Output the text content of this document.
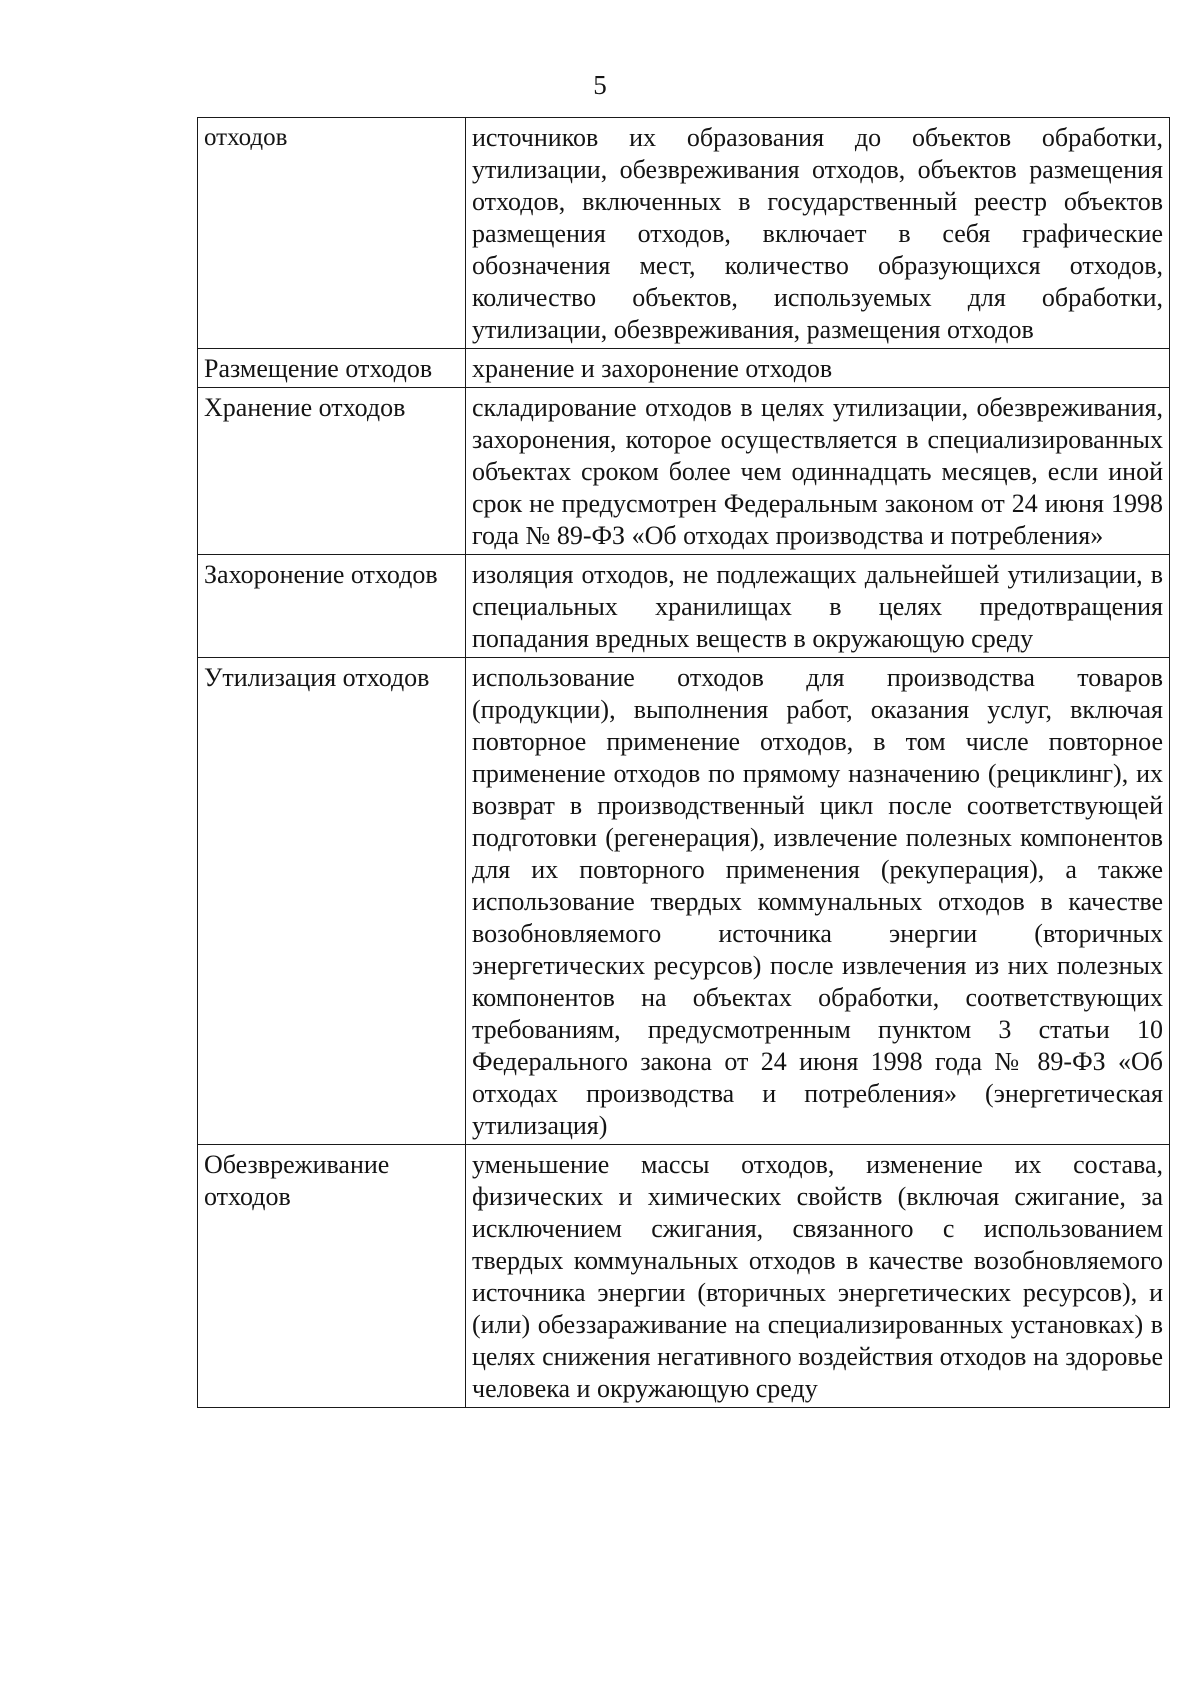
5
отходов	источников их образования до объектов обработки, утилизации, обезвреживания отходов, объектов размещения отходов, включенных в государственный реестр объектов размещения отходов, включает в себя графические обозначения мест, количество образующихся отходов, количество объектов, используемых для обработки, утилизации, обезвреживания, размещения отходов
Размещение отходов	хранение и захоронение отходов
Хранение отходов	складирование отходов в целях утилизации, обезвреживания, захоронения, которое осуществляется в специализированных объектах сроком более чем одиннадцать месяцев, если иной срок не предусмотрен Федеральным законом от 24 июня 1998 года № 89-ФЗ «Об отходах производства и потребления»
Захоронение отходов	изоляция отходов, не подлежащих дальнейшей утилизации, в специальных хранилищах в целях предотвращения попадания вредных веществ в окружающую среду
Утилизация отходов	использование отходов для производства товаров (продукции), выполнения работ, оказания услуг, включая повторное применение отходов, в том числе повторное применение отходов по прямому назначению (рециклинг), их возврат в производственный цикл после соответствующей подготовки (регенерация), извлечение полезных компонентов для их повторного применения (рекуперация), а также использование твердых коммунальных отходов в качестве возобновляемого источника энергии (вторичных энергетических ресурсов) после извлечения из них полезных компонентов на объектах обработки, соответствующих требованиям, предусмотренным пунктом 3 статьи 10 Федерального закона от 24 июня 1998 года № 89-ФЗ «Об отходах производства и потребления» (энергетическая утилизация)
Обезвреживание отходов	уменьшение массы отходов, изменение их состава, физических и химических свойств (включая сжигание, за исключением сжигания, связанного с использованием твердых коммунальных отходов в качестве возобновляемого источника энергии (вторичных энергетических ресурсов), и (или) обеззараживание на специализированных установках) в целях снижения негативного воздействия отходов на здоровье человека и окружающую среду
